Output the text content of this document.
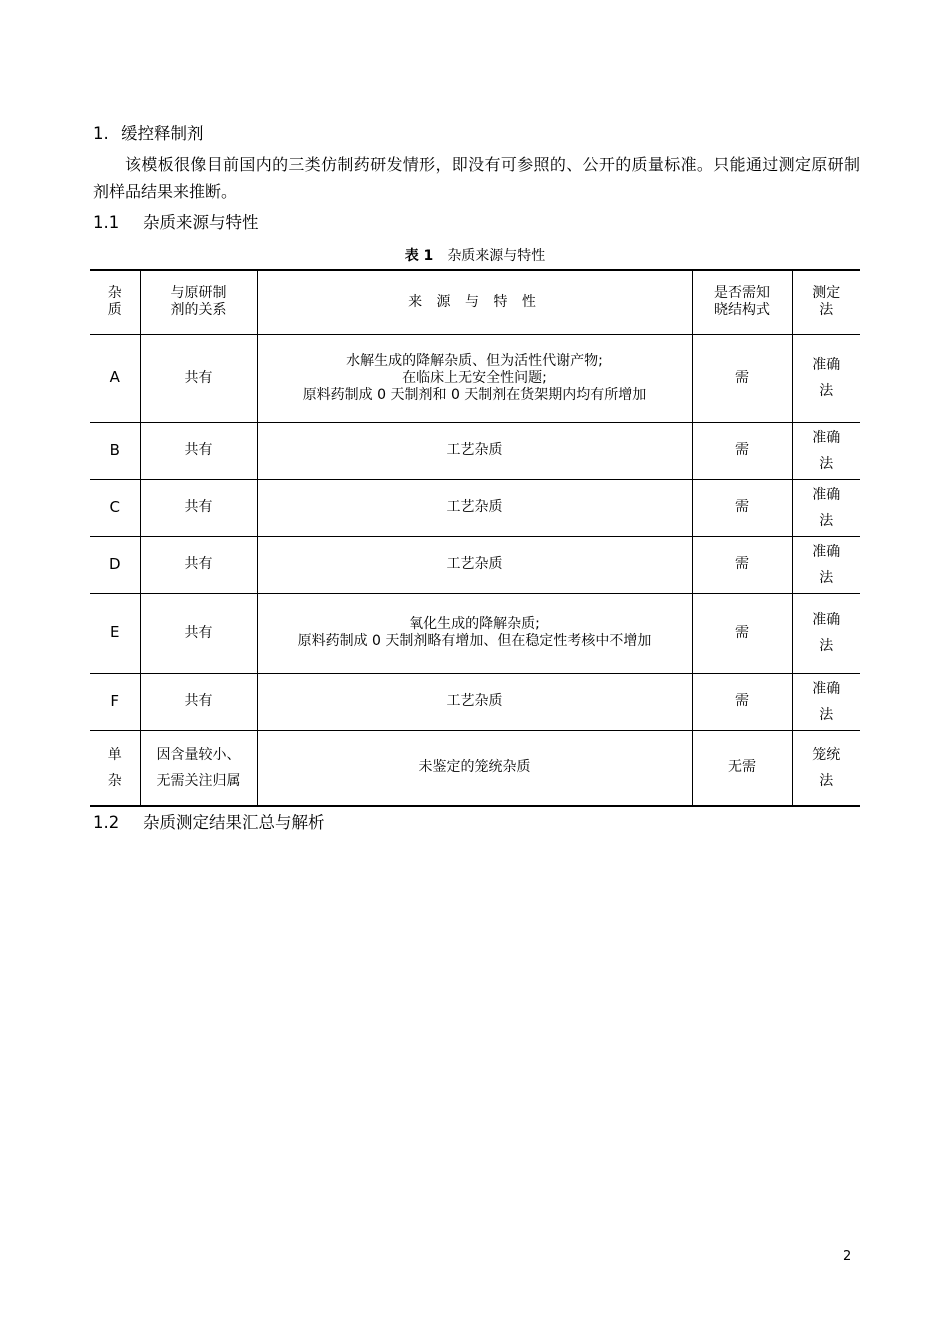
1. 缓控释制剂
该模板很像目前国内的三类仿制药研发情形，即没有可参照的、公开的质量标准。只能通过测定原研制剂样品结果来推断。
1.1 杂质来源与特性
表 1 杂质来源与特性
杂质	与原研制剂的关系	来 源 与 特 性	是否需知晓结构式	测定法
A	共有	水解生成的降解杂质、但为活性代谢产物;
在临床上无安全性问题;
原料药制成 0 天制剂和 0 天制剂在货架期内均有所增加	需	准确法
B	共有	工艺杂质	需	准确法
C	共有	工艺杂质	需	准确法
D	共有	工艺杂质	需	准确法
E	共有	氧化生成的降解杂质;
原料药制成 0 天制剂略有增加、但在稳定性考核中不增加	需	准确法
F	共有	工艺杂质	需	准确法
单杂	因含量较小、无需关注归属	未鉴定的笼统杂质	无需	笼统法
1.2 杂质测定结果汇总与解析
2
